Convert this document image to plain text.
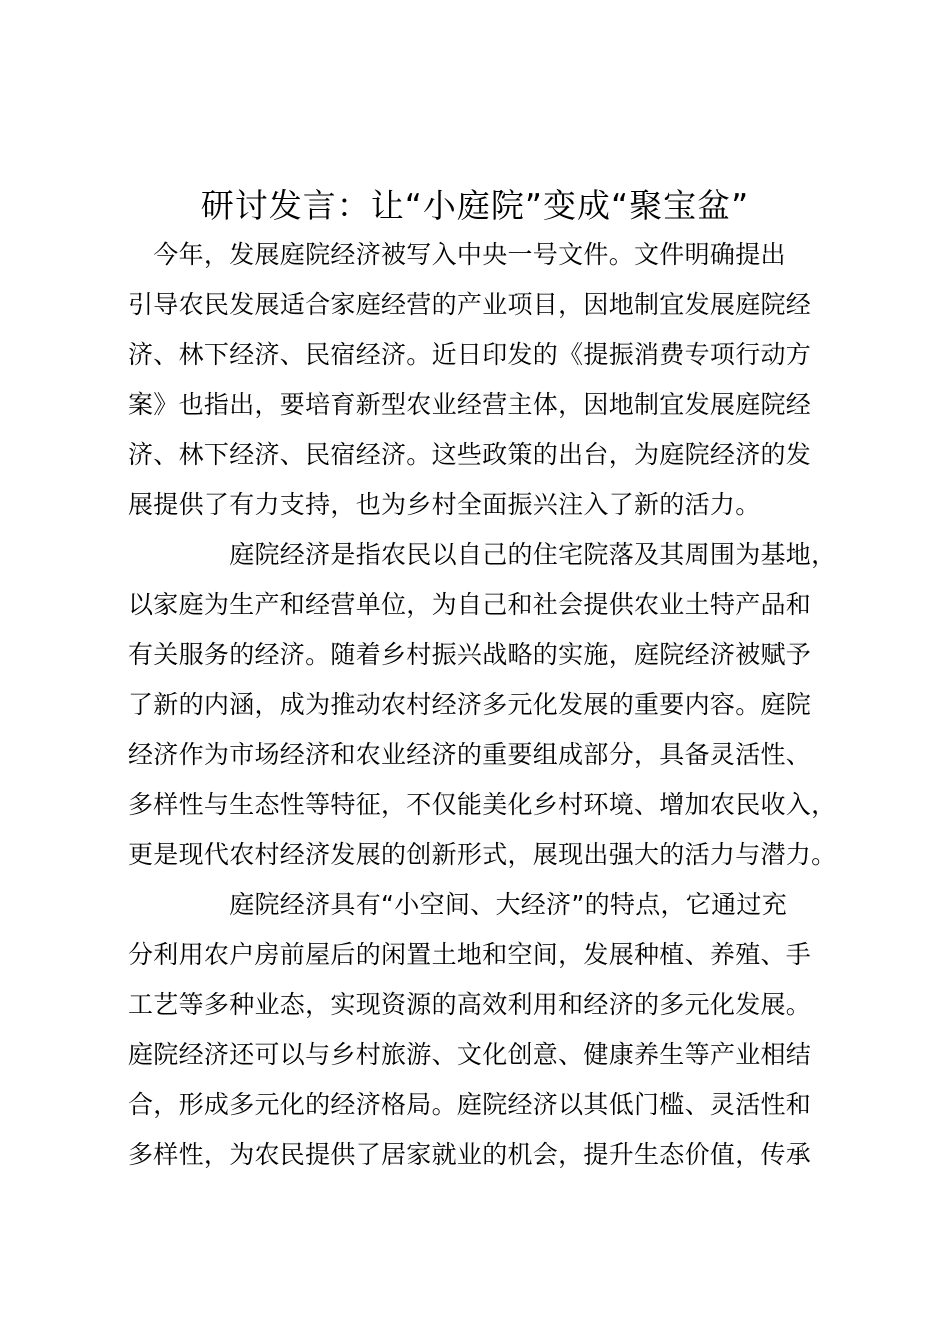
研讨发言：让“小庭院”变成“聚宝盆”
　今年，发展庭院经济被写入中央一号文件。文件明确提出
引导农民发展适合家庭经营的产业项目，因地制宜发展庭院经
济、林下经济、民宿经济。近日印发的《提振消费专项行动方
案》也指出，要培育新型农业经营主体，因地制宜发展庭院经
济、林下经济、民宿经济。这些政策的出台，为庭院经济的发
展提供了有力支持，也为乡村全面振兴注入了新的活力。
　　　　庭院经济是指农民以自己的住宅院落及其周围为基地，
以家庭为生产和经营单位，为自己和社会提供农业土特产品和
有关服务的经济。随着乡村振兴战略的实施，庭院经济被赋予
了新的内涵，成为推动农村经济多元化发展的重要内容。庭院
经济作为市场经济和农业经济的重要组成部分，具备灵活性、
多样性与生态性等特征，不仅能美化乡村环境、增加农民收入，
更是现代农村经济发展的创新形式，展现出强大的活力与潜力。
　　　　庭院经济具有“小空间、大经济”的特点，它通过充
分利用农户房前屋后的闲置土地和空间，发展种植、养殖、手
工艺等多种业态，实现资源的高效利用和经济的多元化发展。
庭院经济还可以与乡村旅游、文化创意、健康养生等产业相结
合，形成多元化的经济格局。庭院经济以其低门槛、灵活性和
多样性，为农民提供了居家就业的机会，提升生态价值，传承
